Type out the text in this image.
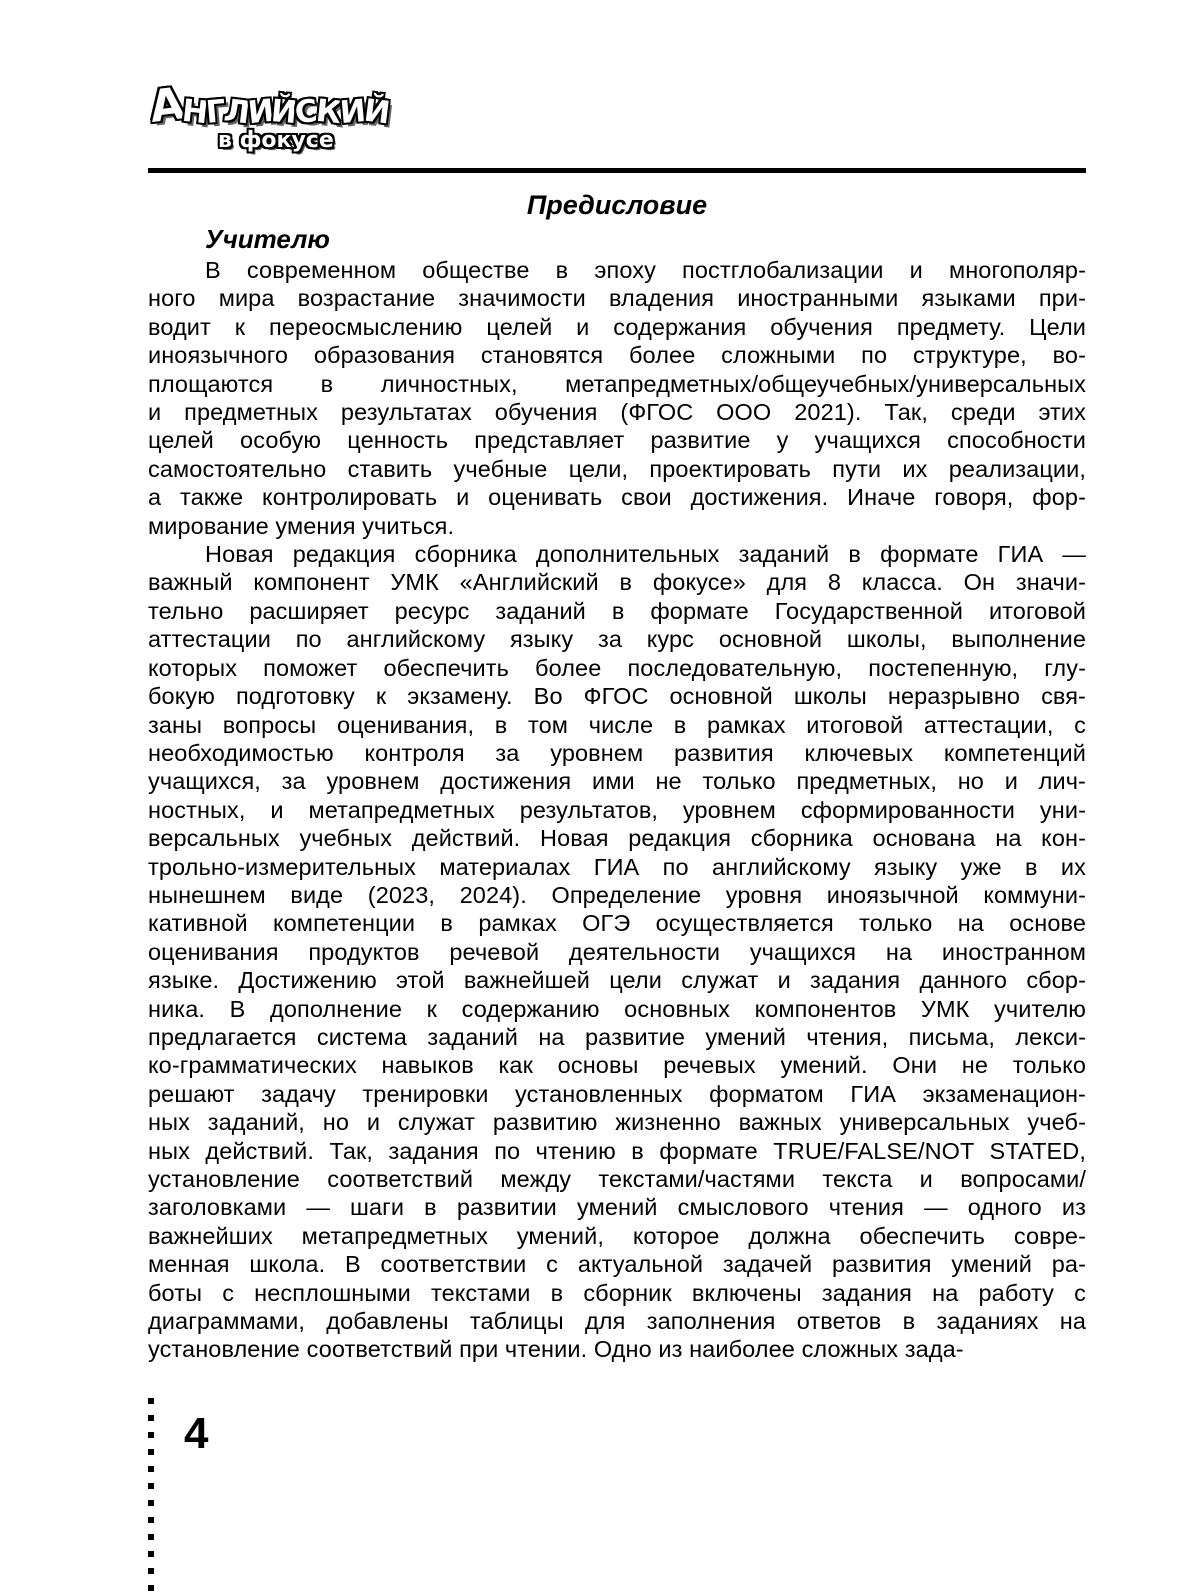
А
Н
Г
Л
И
Й
С
К
И
Й
в фокусе
Предисловие
Учителю
В современном обществе в эпоху постглобализации и многополяр-
ного мира возрастание значимости владения иностранными языками при-
водит к переосмыслению целей и содержания обучения предмету. Цели
иноязычного образования становятся более сложными по структуре, во-
площаются в личностных, метапредметных/общеучебных/универсальных
и предметных результатах обучения (ФГОС ООО 2021). Так, среди этих
целей особую ценность представляет развитие у учащихся способности
самостоятельно ставить учебные цели, проектировать пути их реализации,
а также контролировать и оценивать свои достижения. Иначе говоря, фор-
мирование умения учиться.
Новая редакция сборника дополнительных заданий в формате ГИА —
важный компонент УМК «Английский в фокусе» для 8 класса. Он значи-
тельно расширяет ресурс заданий в формате Государственной итоговой
аттестации по английскому языку за курс основной школы, выполнение
которых поможет обеспечить более последовательную, постепенную, глу-
бокую подготовку к экзамену. Во ФГОС основной школы неразрывно свя-
заны вопросы оценивания, в том числе в рамках итоговой аттестации, с
необходимостью контроля за уровнем развития ключевых компетенций
учащихся, за уровнем достижения ими не только предметных, но и лич-
ностных, и метапредметных результатов, уровнем сформированности уни-
версальных учебных действий. Новая редакция сборника основана на кон-
трольно-измерительных материалах ГИА по английскому языку уже в их
нынешнем виде (2023, 2024). Определение уровня иноязычной коммуни-
кативной компетенции в рамках ОГЭ осуществляется только на основе
оценивания продуктов речевой деятельности учащихся на иностранном
языке. Достижению этой важнейшей цели служат и задания данного сбор-
ника. В дополнение к содержанию основных компонентов УМК учителю
предлагается система заданий на развитие умений чтения, письма, лекси-
ко-грамматических навыков как основы речевых умений. Они не только
решают задачу тренировки установленных форматом ГИА экзаменацион-
ных заданий, но и служат развитию жизненно важных универсальных учеб-
ных действий. Так, задания по чтению в формате TRUE/FALSE/NOT STATED,
установление соответствий между текстами/частями текста и вопросами/
заголовками — шаги в развитии умений смыслового чтения — одного из
важнейших метапредметных умений, которое должна обеспечить совре-
менная школа. В соответствии с актуальной задачей развития умений ра-
боты с несплошными текстами в сборник включены задания на работу с
диаграммами, добавлены таблицы для заполнения ответов в заданиях на
установление соответствий при чтении. Одно из наиболее сложных зада-
4
